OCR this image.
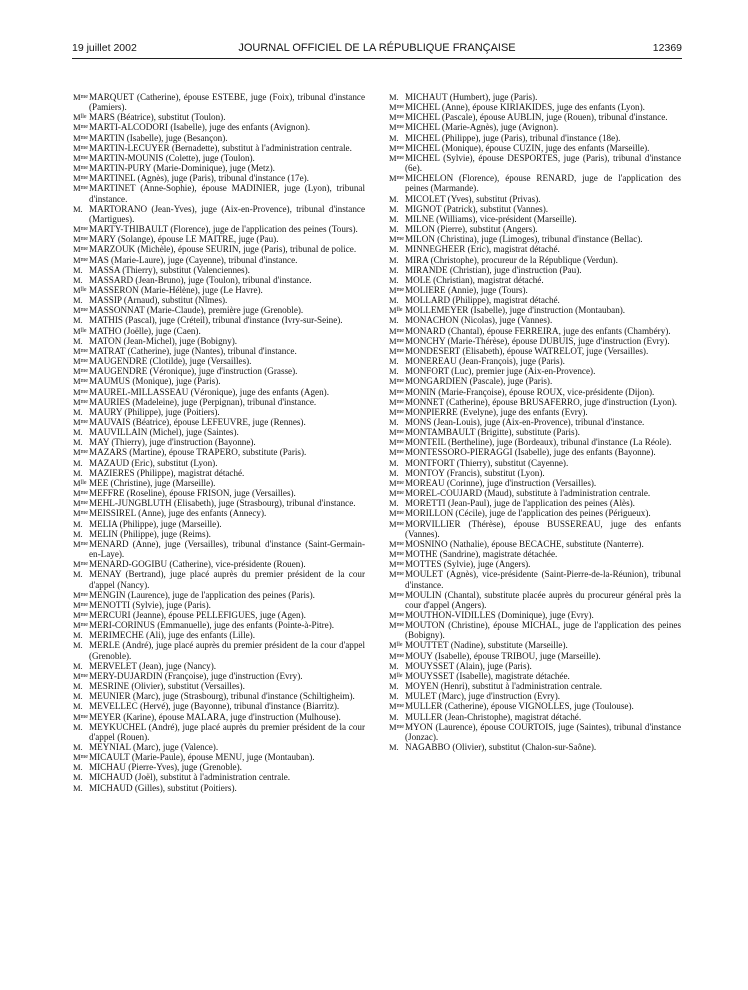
19 juillet 2002	JOURNAL OFFICIEL DE LA RÉPUBLIQUE FRANÇAISE	12369

$M^{me}MARQUET$ (Catherine), épouse ESTEBE, juge (Foix), tribunal d'instance (Pamiers).

$M^{lle}$ MARS (Béatrice), substitut (Toulon).

$M^{me}MARTI$-ALCODORI (Isabelle), juge des enfants (Avignon).

$M^{me}MARTIN$ (Isabelle), juge (Besançon).

$M^{me}MARTIN$-LECUYER (Bernadette), substitut à l'administration centrale.

$M^{me}MARTIN$-MOUNIS (Colette), juge (Toulon).

$M^{me}MARTIN$-PURY (Marie-Dominique), juge (Metz).

$M^{me}MARTINEL$ (Agnès), juge (Paris), tribunal d'instance (17e).

$M^{me}MARTINET$ (Anne-Sophie), épouse MADINIER, juge (Lyon), tribunal d'instance.

M. MARTORANO (Jean-Yves), juge (Aix-en-Provence), tribunal d'instance (Martigues).

$M^{me}MARTY$-THIBAULT (Florence), juge de l'application des peines (Tours).

$M^{me}MARY$ (Solange), épouse LE MAITRE, juge (Pau).

$M^{me}MARZOUK$ (Michèle), épouse SEURIN, juge (Paris), tribunal de police.

$M^{me}MAS$ (Marie-Laure), juge (Cayenne), tribunal d'instance.

M. MASSA (Thierry), substitut (Valenciennes).

M. MASSARD (Jean-Bruno), juge (Toulon), tribunal d'instance.

$M^{lle}$ MASSERON (Marie-Hélène), juge (Le Havre).

M. MASSIP (Arnaud), substitut (Nîmes).

$M^{me}MASSONNAT$ (Marie-Claude), première juge (Grenoble).

M. MATHIS (Pascal), juge (Créteil), tribunal d'instance (Ivry-sur-Seine).

$M^{lle}$ MATHO (Joëlle), juge (Caen).

M. MATON (Jean-Michel), juge (Bobigny).

$M^{me}MATRAT$ (Catherine), juge (Nantes), tribunal d'instance.

$M^{me}MAUGENDRE$ (Clotilde), juge (Versailles).

$M^{me}MAUGENDRE$ (Véronique), juge d'instruction (Grasse).

$M^{me}MAUMUS$ (Monique), juge (Paris).

$M^{me}MAUREL$-MILLASSEAU (Véronique), juge des enfants (Agen).

$M^{me}MAURIES$ (Madeleine), juge (Perpignan), tribunal d'instance.

M. MAURY (Philippe), juge (Poitiers).

$M^{me}MAUVAIS$ (Béatrice), épouse LEFEUVRE, juge (Rennes).

M. MAUVILLAIN (Michel), juge (Saintes).

M. MAY (Thierry), juge d'instruction (Bayonne).

$M^{me}MAZARS$ (Martine), épouse TRAPERO, substitute (Paris).

M. MAZAUD (Eric), substitut (Lyon).

M. MAZIERES (Philippe), magistrat détaché.

$M^{lle}$ MEE (Christine), juge (Marseille).

$M^{me}MEFFRE$ (Roseline), épouse FRISON, juge (Versailles).

$M^{me}MEHL$-JUNGBLUTH (Elisabeth), juge (Strasbourg), tribunal d'instance.

$M^{me}MEISSIREL$ (Anne), juge des enfants (Annecy).

M. MELIA (Philippe), juge (Marseille).

M. MELIN (Philippe), juge (Reims).

$M^{me}MENARD$ (Anne), juge (Versailles), tribunal d'instance (Saint-Germain-en-Laye).

$M^{me}MENARD$-GOGIBU (Catherine), vice-présidente (Rouen).

M. MENAY (Bertrand), juge placé auprès du premier président de la cour d'appel (Nancy).

$M^{me}MENGIN$ (Laurence), juge de l'application des peines (Paris).

$M^{me}MENOTTI$ (Sylvie), juge (Paris).

$M^{me}MERCURI$ (Jeanne), épouse PELLEFIGUES, juge (Agen).

$M^{me}MERI$-CORINUS (Emmanuelle), juge des enfants (Pointe-à-Pitre).

M. MERIMECHE (Ali), juge des enfants (Lille).

M. MERLE (André), juge placé auprès du premier président de la cour d'appel (Grenoble).

M. MERVELET (Jean), juge (Nancy).

$M^{me}MERY$-DUJARDIN (Françoise), juge d'instruction (Evry).

M. MESRINE (Olivier), substitut (Versailles).

M. MEUNIER (Marc), juge (Strasbourg), tribunal d'instance (Schiltigheim).

M. MEVELLEC (Hervé), juge (Bayonne), tribunal d'instance (Biarritz).

$M^{me}MEYER$ (Karine), épouse MALARA, juge d'instruction (Mulhouse).

M. MEYKUCHEL (André), juge placé auprès du premier président de la cour d'appel (Rouen).

M. MEYNIAL (Marc), juge (Valence).

$M^{me}MICAULT$ (Marie-Paule), épouse MENU, juge (Montauban).

M. MICHAU (Pierre-Yves), juge (Grenoble).

M. MICHAUD (Joël), substitut à l'administration centrale.

M. MICHAUD (Gilles), substitut (Poitiers).

M. MICHAUT (Humbert), juge (Paris).

$M^{me}MICHEL$ (Anne), épouse KIRIAKIDES, juge des enfants (Lyon).

$M^{me}MICHEL$ (Pascale), épouse AUBLIN, juge (Rouen), tribunal d'instance.

$M^{me}MICHEL$ (Marie-Agnès), juge (Avignon).

M. MICHEL (Philippe), juge (Paris), tribunal d'instance (18e).

$M^{me}MICHEL$ (Monique), épouse CUZIN, juge des enfants (Marseille).

$M^{me}MICHEL$ (Sylvie), épouse DESPORTES, juge (Paris), tribunal d'instance (6e).

$M^{me}MICHELON$ (Florence), épouse RENARD, juge de l'application des peines (Marmande).

M. MICOLET (Yves), substitut (Privas).

M. MIGNOT (Patrick), substitut (Vannes).

M. MILNE (Williams), vice-président (Marseille).

M. MILON (Pierre), substitut (Angers).

$M^{me}MILON$ (Christina), juge (Limoges), tribunal d'instance (Bellac).

M. MINNEGHEER (Eric), magistrat détaché.

M. MIRA (Christophe), procureur de la République (Verdun).

M. MIRANDE (Christian), juge d'instruction (Pau).

M. MOLE (Christian), magistrat détaché.

$M^{me}MOLIERE$ (Annie), juge (Tours).

M. MOLLARD (Philippe), magistrat détaché.

$M^{lle}$ MOLLEMEYER (Isabelle), juge d'instruction (Montauban).

M. MONACHON (Nicolas), juge (Vannes).

$M^{me}MONARD$ (Chantal), épouse FERREIRA, juge des enfants (Chambéry).

$M^{me}MONCHY$ (Marie-Thérèse), épouse DUBUIS, juge d'instruction (Evry).

$M^{me}MONDESERT$ (Elisabeth), épouse WATRELOT, juge (Versailles).

M. MONEREAU (Jean-François), juge (Paris).

M. MONFORT (Luc), premier juge (Aix-en-Provence).

$M^{me}MONGARDIEN$ (Pascale), juge (Paris).

$M^{me}MONIN$ (Marie-Françoise), épouse ROUX, vice-présidente (Dijon).

$M^{me}MONNET$ (Catherine), épouse BRUSAFERRO, juge d'instruction (Lyon).

$M^{me}MONPIERRE$ (Evelyne), juge des enfants (Evry).

M. MONS (Jean-Louis), juge (Aix-en-Provence), tribunal d'instance.

$M^{me}MONTAMBAULT$ (Brigitte), substitute (Paris).

$M^{me}MONTEIL$ (Bertheline), juge (Bordeaux), tribunal d'instance (La Réole).

$M^{me}MONTESSORO$-PIERAGGI (Isabelle), juge des enfants (Bayonne).

M. MONTFORT (Thierry), substitut (Cayenne).

M. MONTOY (Francis), substitut (Lyon).

$M^{me}MOREAU$ (Corinne), juge d'instruction (Versailles).

$M^{me}MOREL$-COUJARD (Maud), substitute à l'administration centrale.

M. MORETTI (Jean-Paul), juge de l'application des peines (Alès).

$M^{me}MORILLON$ (Cécile), juge de l'application des peines (Périgueux).

$M^{me}MORVILLIER$ (Thérèse), épouse BUSSEREAU, juge des enfants (Vannes).

$M^{me}MOSNINO$ (Nathalie), épouse BECACHE, substitute (Nanterre).

$M^{me}MOTHE$ (Sandrine), magistrate détachée.

$M^{me}MOTTES$ (Sylvie), juge (Angers).

$M^{me}MOULET$ (Agnès), vice-présidente (Saint-Pierre-de-la-Réunion), tribunal d'instance.

$M^{me}MOULIN$ (Chantal), substitute placée auprès du procureur général près la cour d'appel (Angers).

$M^{me}MOUTHON$-VIDILLES (Dominique), juge (Evry).

$M^{me}MOUTON$ (Christine), épouse MICHAL, juge de l'application des peines (Bobigny).

$M^{lle}$ MOUTTET (Nadine), substitute (Marseille).

$M^{me}MOUY$ (Isabelle), épouse TRIBOU, juge (Marseille).

M. MOUYSSET (Alain), juge (Paris).

$M^{lle}$ MOUYSSET (Isabelle), magistrate détachée.

M. MOYEN (Henri), substitut à l'administration centrale.

M. MULET (Marc), juge d'instruction (Evry).

$M^{me}MULLER$ (Catherine), épouse VIGNOLLES, juge (Toulouse).

M. MULLER (Jean-Christophe), magistrat détaché.

$M^{me}MYON$ (Laurence), épouse COURTOIS, juge (Saintes), tribunal d'instance (Jonzac).

M. NAGABBO (Olivier), substitut (Chalon-sur-Saône).
